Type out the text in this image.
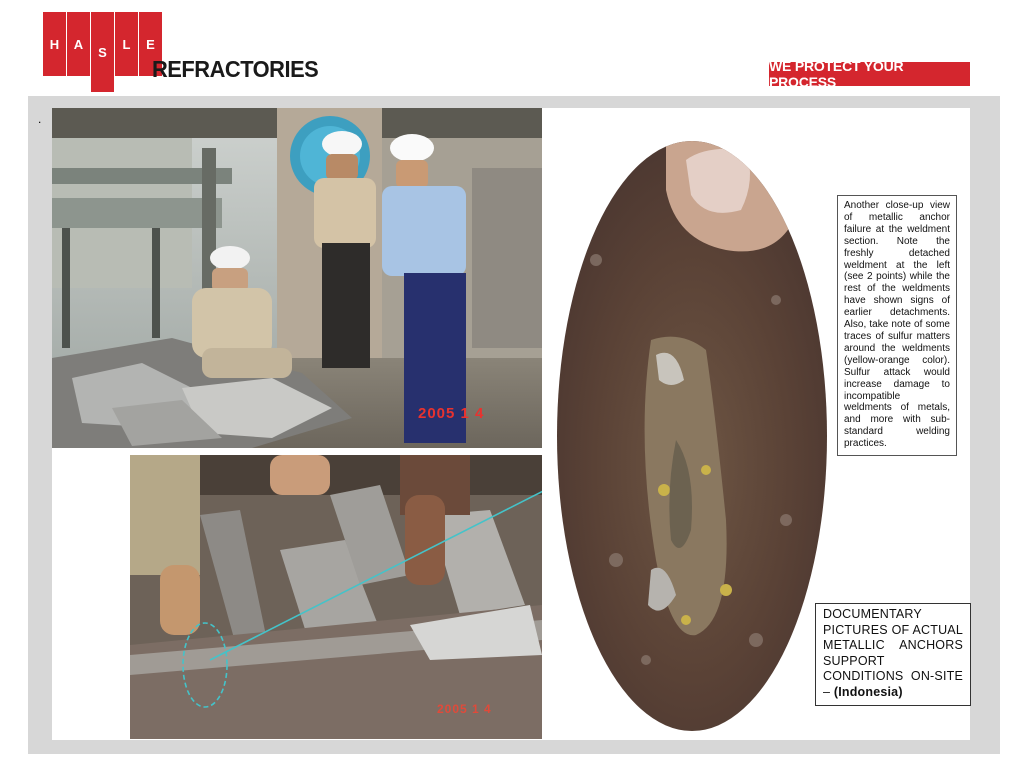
H A
S
L E
REFRACTORIES	WE PROTECT YOUR PROCESS
.
2005 1 4
2005 1 4
Another close-up view of metallic anchor failure at the weldment section. Note the freshly detached weldment at the left (see 2 points) while the rest of the weldments have shown signs of earlier detachments. Also, take note of some traces of sulfur matters around the weldments (yellow-orange color). Sulfur attack would increase damage to incompatible weldments of metals, and more with sub-standard welding practices.
DOCUMENTARY PICTURES OF ACTUAL METALLIC ANCHORS SUPPORT CONDITIONS ON-SITE – (Indonesia)
